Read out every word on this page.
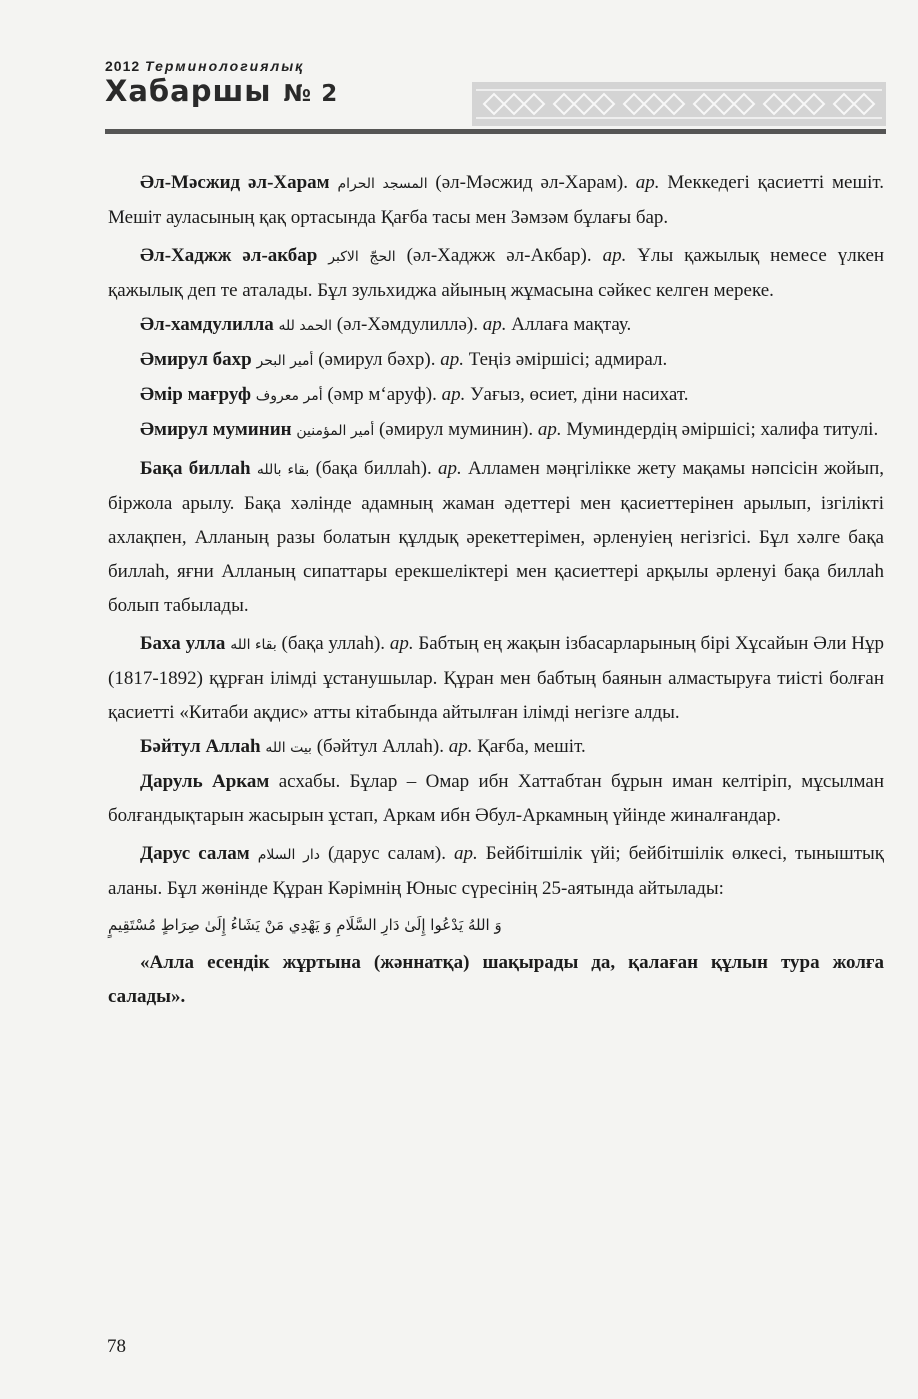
2012 Терминологиялық
Хабаршы № 2

Әл-Мәсжид әл-Харам المسجد الحرام (әл-Мәсжид әл-Харам). ар. Меккедегі қасиетті мешіт. Мешіт ауласының қақ ортасында Қағба тасы мен Зәмзәм бұлағы бар.

Әл-Хаджж әл-акбар الحجّ الاكبر (әл-Хаджж әл-Акбар). ар. Ұлы қажылық немесе үлкен қажылық деп те аталады. Бұл зульхиджа айының жұмасына сәйкес келген мереке.

Әл-хамдулилла الحمد لله (әл-Хәмдулиллә). ар. Аллаға мақтау.

Әмирул бахр أمير البحر (әмирул бәхр). ар. Теңіз әміршісі; адмирал.

Әмір мағруф أمر معروف (әмр м‘аруф). ар. Уағыз, өсиет, діни насихат.

Әмирул муминин أمير المؤمنين (әмирул муминин). ар. Муминдердің әміршісі; халифа титулі.

Бақа биллаһ بقاء بالله (бақа биллаһ). ар. Алламен мәңгілікке жету мақамы нәпсісін жойып, біржола арылу. Бақа хәлінде адамның жаман әдеттері мен қасиеттерінен арылып, ізгілікті ахлақпен, Алланың разы болатын құлдық әрекеттерімен, әрленуіең негізгісі. Бұл хәлге бақа биллаһ, яғни Алланың сипаттары ерекшеліктері мен қасиеттері арқылы әрленуі бақа биллаһ болып табылады.

Баха улла بقاء الله (бақа уллаһ). ар. Бабтың ең жақын ізбасарларының бірі Хұсайын Әли Нұр (1817-1892) құрған ілімді ұстанушылар. Құран мен бабтың баянын алмастыруға тиісті болған қасиетті «Китаби ақдис» атты кітабында айтылған ілімді негізге алды.

Бәйтул Аллаһ بيت الله (бәйтул Аллаһ). ар. Қағба, мешіт.

Даруль Аркам асхабы. Бұлар – Омар ибн Хаттабтан бұрын иман келтіріп, мұсылман болғандықтарын жасырын ұстап, Аркам ибн Әбул-Аркамның үйінде жиналғандар.

Дарус салам دار السلام (дарус салам). ар. Бейбітшілік үйі; бейбітшілік өлкесі, тыныштық аланы. Бұл жөнінде Құран Кәрімнің Юныс сүресінің 25-аятында айтылады:

وَ اللهُ يَدْعُوا إِلَىٰ دَارِ السَّلَامِ وَ يَهْدِي مَنْ يَشَاءُ إِلَىٰ صِرَاطٍ مُسْتَقِيمٍ

«Алла есендік жұртына (жәннатқа) шақырады да, қалаған құлын тура жолға салады».

78
